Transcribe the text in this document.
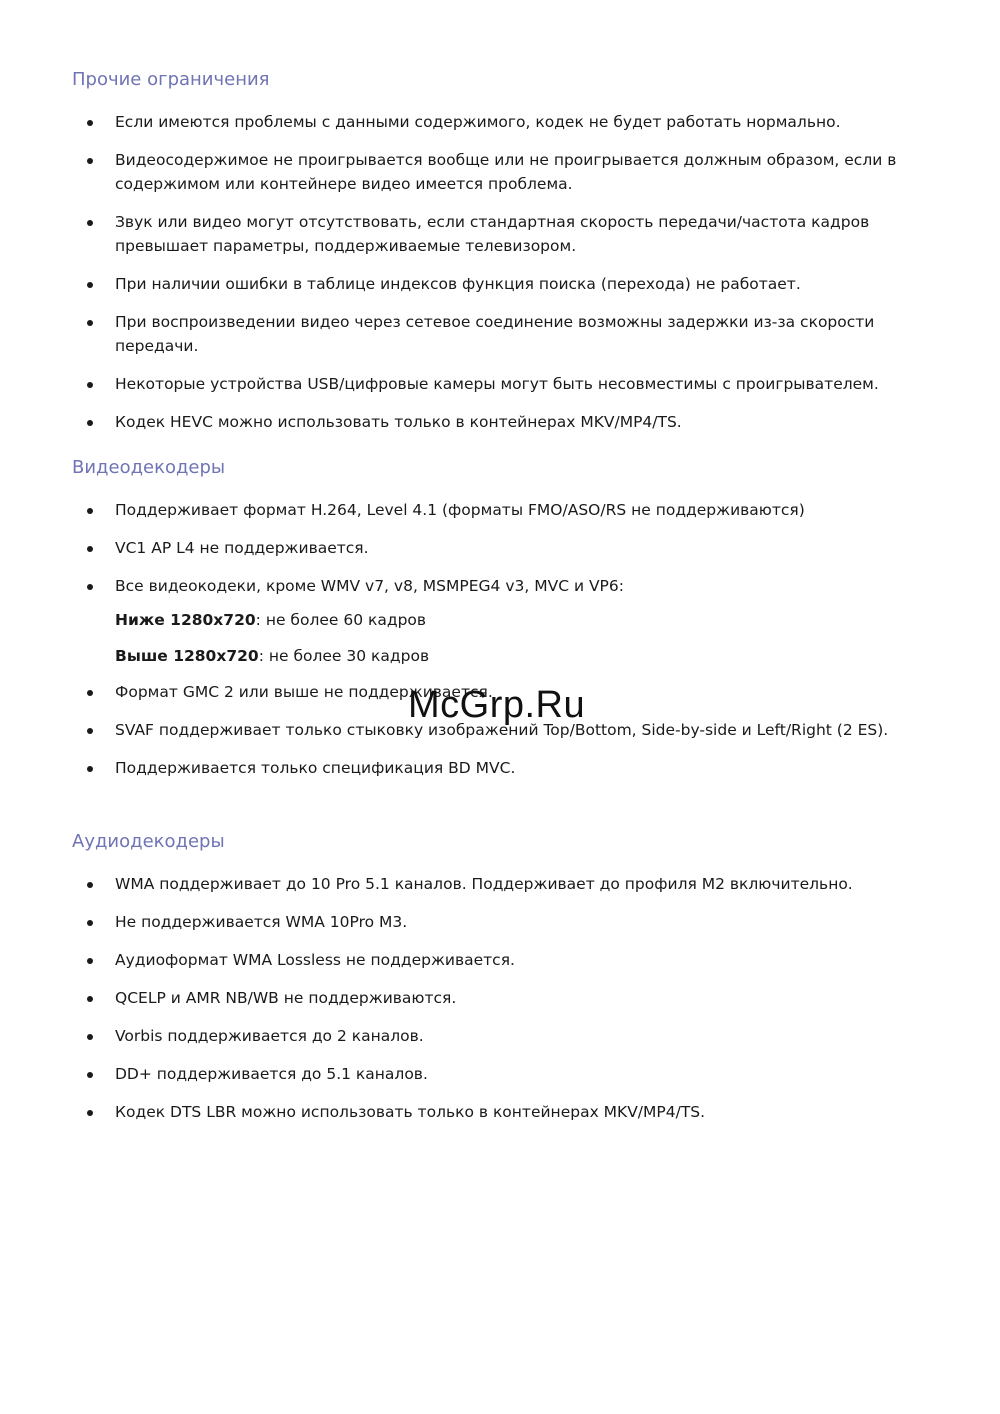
Прочие ограничения
Если имеются проблемы с данными содержимого, кодек не будет работать нормально.
Видеосодержимое не проигрывается вообще или не проигрывается должным образом, если в содержимом или контейнере видео имеется проблема.
Звук или видео могут отсутствовать, если стандартная скорость передачи/частота кадров превышает параметры, поддерживаемые телевизором.
При наличии ошибки в таблице индексов функция поиска (перехода) не работает.
При воспроизведении видео через сетевое соединение возможны задержки из-за скорости передачи.
Некоторые устройства USB/цифровые камеры могут быть несовместимы с проигрывателем.
Кодек HEVC можно использовать только в контейнерах MKV/MP4/TS.
Видеодекодеры
Поддерживает формат H.264, Level 4.1 (форматы FMO/ASO/RS не поддерживаются)
VC1 AP L4 не поддерживается.
Все видеокодеки, кроме WMV v7, v8, MSMPEG4 v3, MVC и VP6:
Ниже 1280x720: не более 60 кадров
Выше 1280x720: не более 30 кадров
Формат GMC 2 или выше не поддерживается.
SVAF поддерживает только стыковку изображений Top/Bottom, Side-by-side и Left/Right (2 ES).
Поддерживается только спецификация BD MVC.
Аудиодекодеры
WMA поддерживает до 10 Pro 5.1 каналов. Поддерживает до профиля M2 включительно.
Не поддерживается WMA 10Pro M3.
Аудиоформат WMA Lossless не поддерживается.
QCELP и AMR NB/WB не поддерживаются.
Vorbis поддерживается до 2 каналов.
DD+ поддерживается до 5.1 каналов.
Кодек DTS LBR можно использовать только в контейнерах MKV/MP4/TS.
McGrp.Ru
